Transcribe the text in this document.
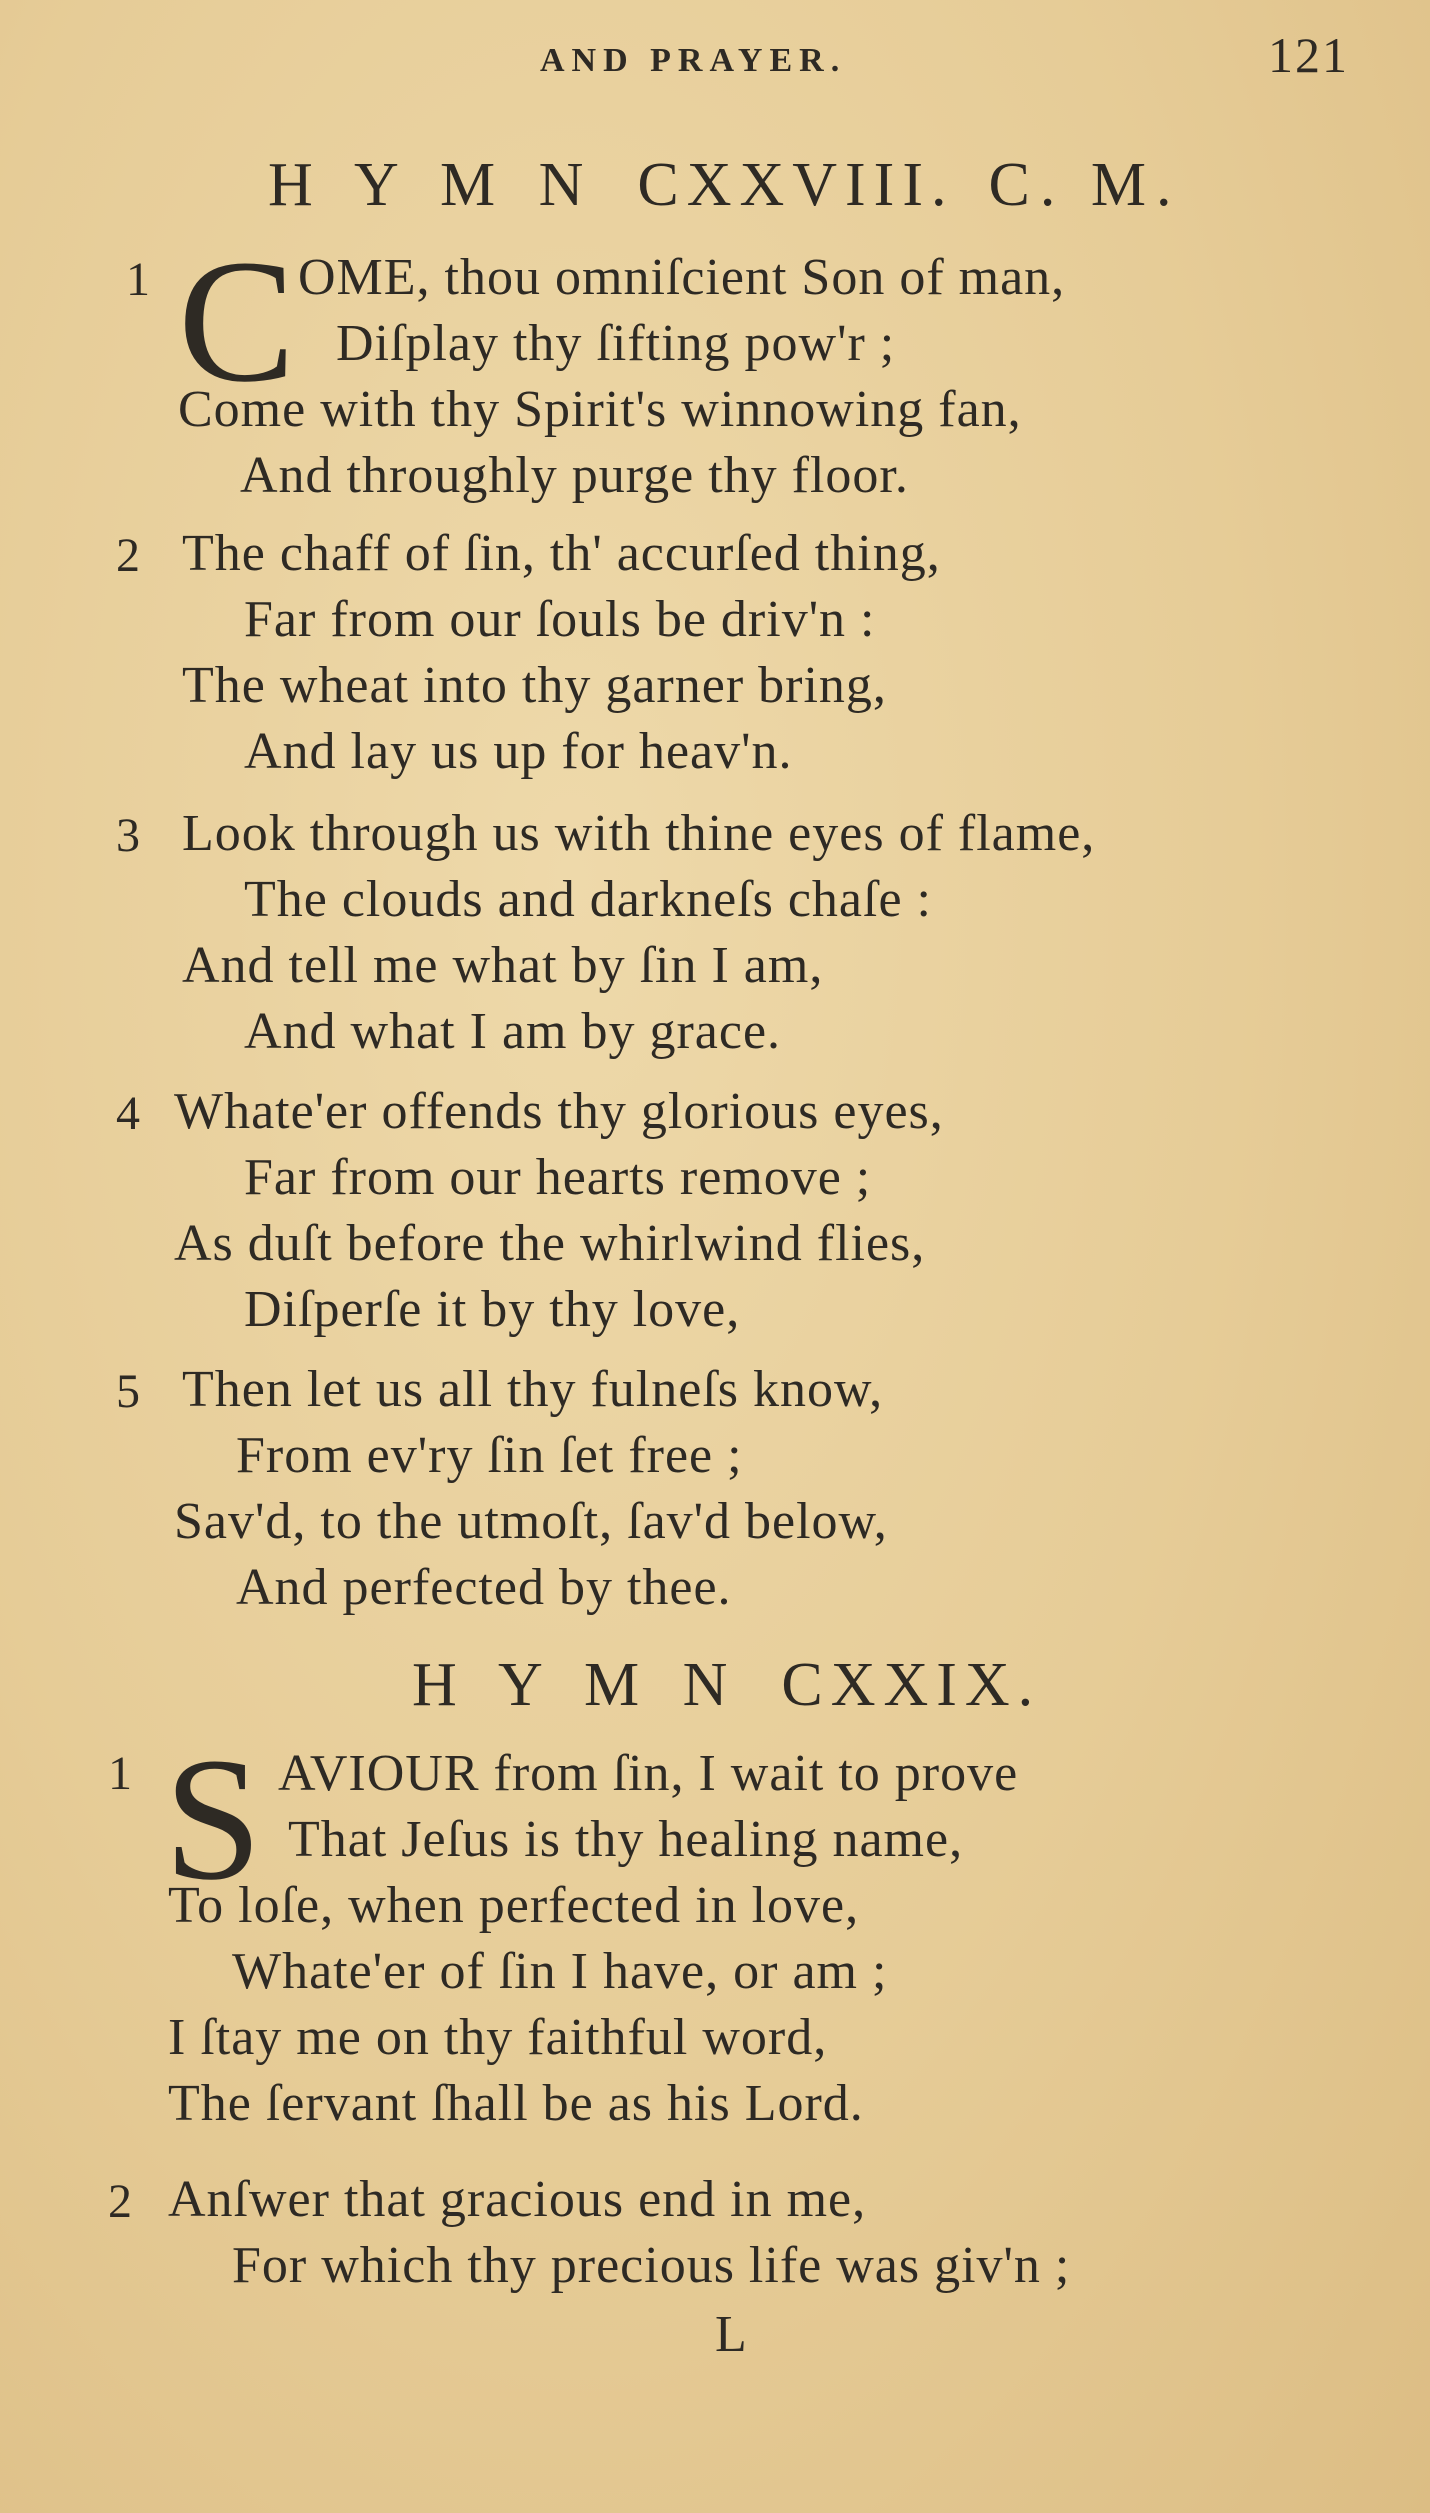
AND PRAYER.	121
H Y M N CXXVIII. C. M.
1 C OME, thou omniſcient Son of man,
Diſplay thy ſifting pow'r ;
Come with thy Spirit's winnowing fan,
And throughly purge thy floor.
2 The chaff of ſin, th' accurſed thing,
Far from our ſouls be driv'n :
The wheat into thy garner bring,
And lay us up for heav'n.
3 Look through us with thine eyes of flame,
The clouds and darkneſs chaſe :
And tell me what by ſin I am,
And what I am by grace.
4 Whate'er offends thy glorious eyes,
Far from our hearts remove ;
As duſt before the whirlwind flies,
Diſperſe it by thy love,
5 Then let us all thy fulneſs know,
From ev'ry ſin ſet free ;
Sav'd, to the utmoſt, ſav'd below,
And perfected by thee.
H Y M N CXXIX.
1 S AVIOUR from ſin, I wait to prove
That Jeſus is thy healing name,
To loſe, when perfected in love,
Whate'er of ſin I have, or am ;
I ſtay me on thy faithful word,
The ſervant ſhall be as his Lord.
2 Anſwer that gracious end in me,
For which thy precious life was giv'n ;
L
